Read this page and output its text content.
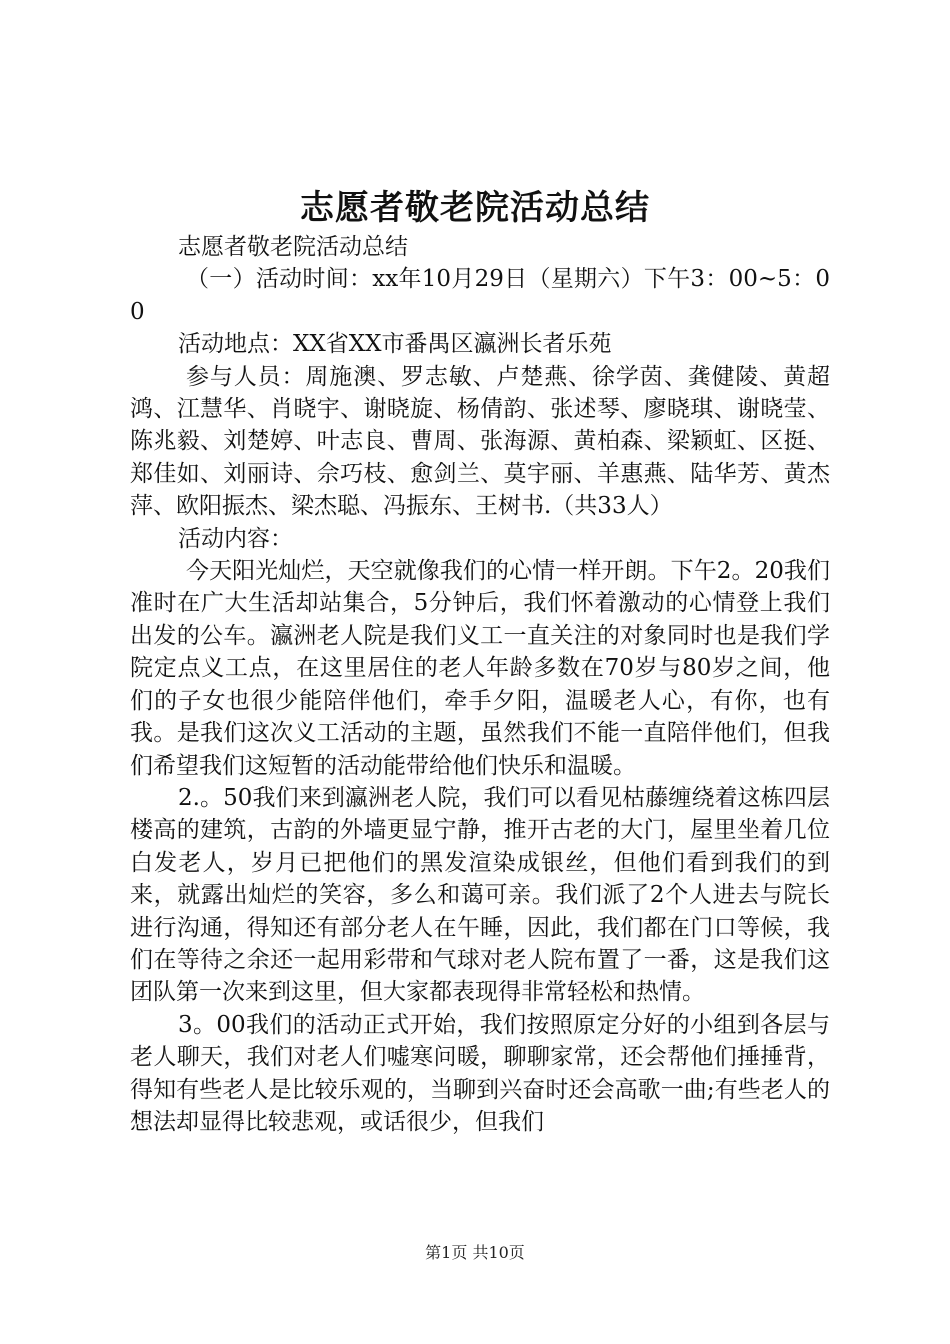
志愿者敬老院活动总结

志愿者敬老院活动总结

（一）活动时间：xx年10月29日（星期六）下午3：00~5：00

活动地点：XX省XX市番禺区瀛洲长者乐苑

参与人员：周施澳、罗志敏、卢楚燕、徐学茵、龚健陵、黄超鸿、江慧华、肖晓宇、谢晓旋、杨倩韵、张述琴、廖晓琪、谢晓莹、陈兆毅、刘楚婷、叶志良、曹周、张海源、黄柏森、梁颖虹、区挺、郑佳如、刘丽诗、佘巧枝、愈剑兰、莫宇丽、羊惠燕、陆华芳、黄杰萍、欧阳振杰、梁杰聪、冯振东、王树书.（共33人）

活动内容：

今天阳光灿烂，天空就像我们的心情一样开朗。下午2。20我们准时在广大生活却站集合，5分钟后，我们怀着激动的心情登上我们出发的公车。瀛洲老人院是我们义工一直关注的对象同时也是我们学院定点义工点，在这里居住的老人年龄多数在70岁与80岁之间，他们的子女也很少能陪伴他们，牵手夕阳，温暖老人心，有你，也有我。是我们这次义工活动的主题，虽然我们不能一直陪伴他们，但我们希望我们这短暂的活动能带给他们快乐和温暖。

2.。50我们来到瀛洲老人院，我们可以看见枯藤缠绕着这栋四层楼高的建筑，古韵的外墙更显宁静，推开古老的大门，屋里坐着几位白发老人，岁月已把他们的黑发渲染成银丝，但他们看到我们的到来，就露出灿烂的笑容，多么和蔼可亲。我们派了2个人进去与院长进行沟通，得知还有部分老人在午睡，因此，我们都在门口等候，我们在等待之余还一起用彩带和气球对老人院布置了一番，这是我们这团队第一次来到这里，但大家都表现得非常轻松和热情。

3。00我们的活动正式开始，我们按照原定分好的小组到各层与老人聊天，我们对老人们嘘寒问暖，聊聊家常，还会帮他们捶捶背，得知有些老人是比较乐观的，当聊到兴奋时还会高歌一曲;有些老人的想法却显得比较悲观，或话很少，但我们

第1页 共10页
